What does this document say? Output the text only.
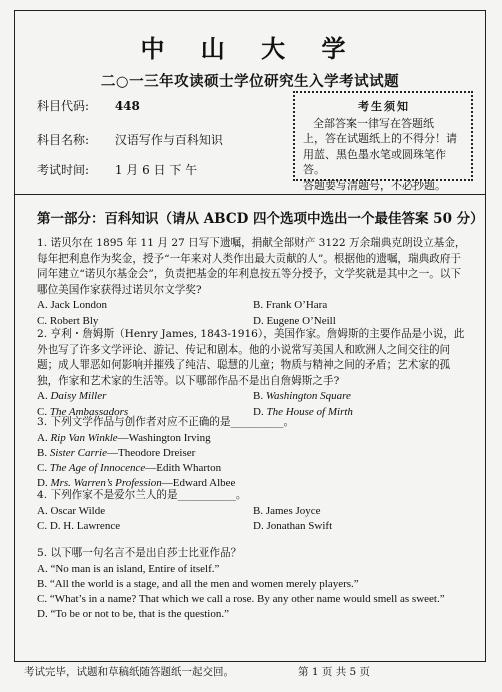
中 山 大 学
二○一三年攻读硕士学位研究生入学考试试题
科目代码: 448
科目名称: 汉语写作与百科知识
考试时间: 1 月 6 日 下 午
考生须知
全部答案一律写在答题纸
上，答在试题纸上的不得分！请
用蓝、黑色墨水笔或圆珠笔作答。
答题要写清题号，不必抄题。
第一部分：百科知识（请从 ABCD 四个选项中选出一个最佳答案 50 分）

1. 诺贝尔在 1895 年 11 月 27 日写下遗嘱，捐献全部财产 3122 万余瑞典克朗设立基金，每年把利息作为奖金，授予“一年来对人类作出最大贡献的人”。根据他的遗嘱，瑞典政府于同年建立“诺贝尔基金会”，负责把基金的年利息按五等分授予，文学奖就是其中之一。以下哪位美国作家获得过诺贝尔文学奖?

A. Jack London	B. Frank O’Hara
C. Robert Bly	D. Eugene O’Neill

2. 亨利・詹姆斯（Henry James, 1843-1916），美国作家。詹姆斯的主要作品是小说，此外也写了许多文学评论、游记、传记和剧本。他的小说常写美国人和欧洲人之间交往的问题；成人罪恶如何影响并摧残了纯洁、聪慧的儿童；物质与精神之间的矛盾；艺术家的孤独，作家和艺术家的生活等。以下哪部作品不是出自詹姆斯之手?

A. Daisy Miller	B. Washington Square
C. The Ambassadors	D. The House of Mirth

3. 下列文学作品与创作者对应不正确的是__________。

A. Rip Van Winkle—Washington Irving
B. Sister Carrie—Theodore Dreiser
C. The Age of Innocence—Edith Wharton
D. Mrs. Warren’s Profession—Edward Albee

4. 下列作家不是爱尔兰人的是___________。

A. Oscar Wilde	B. James Joyce
C. D. H. Lawrence	D. Jonathan Swift

5. 以下哪一句名言不是出自莎士比亚作品？

A. “No man is an island, Entire of itself.”
B. “All the world is a stage, and all the men and women merely players.”
C. “What’s in a name? That which we call a rose. By any other name would smell as sweet.”
D. “To be or not to be, that is the question.”
考试完毕，试题和草稿纸随答题纸一起交回。	第 1 页 共 5 页
